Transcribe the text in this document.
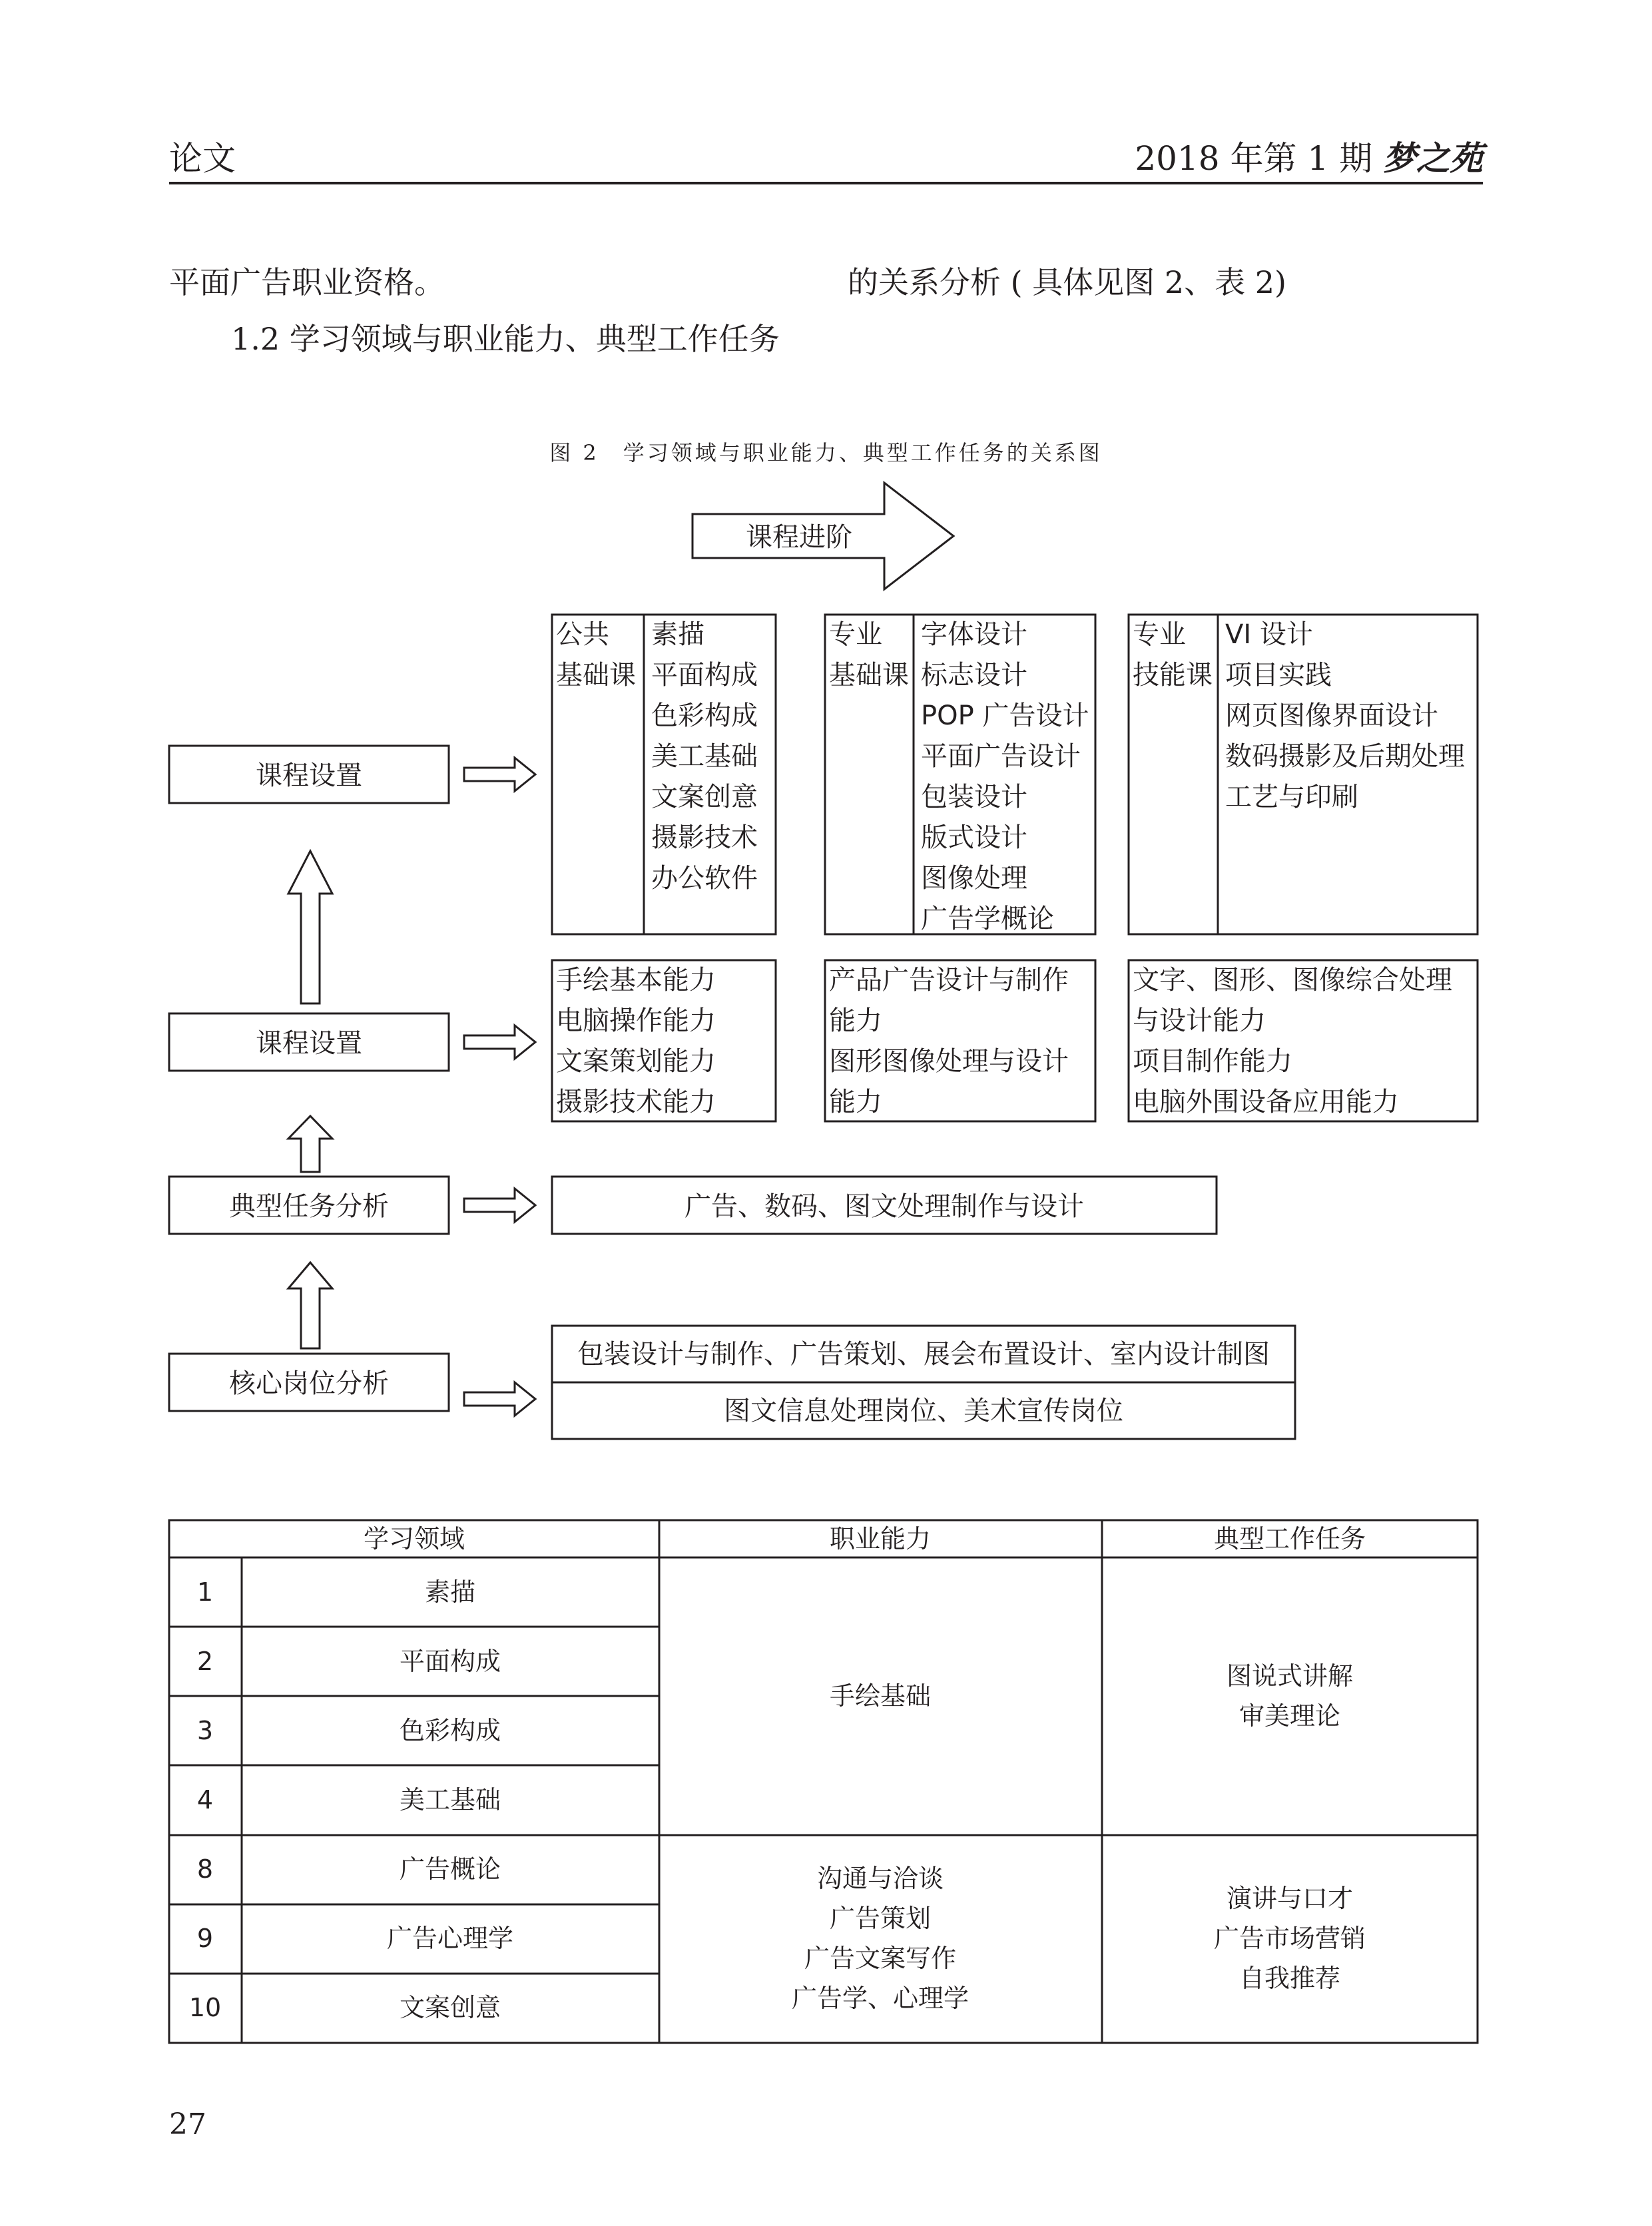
论文	2018 年第 1 期 梦之苑
平面广告职业资格。	的关系分析 ( 具体见图 2、表 2)
1.2 学习领域与职业能力、典型工作任务
图 2　学习领域与职业能力、典型工作任务的关系图
课程进阶
课程设置
课程设置
典型任务分析
核心岗位分析
公共
基础课
素描
平面构成
色彩构成
美工基础
文案创意
摄影技术
办公软件
专业
基础课
字体设计
标志设计
POP 广告设计
平面广告设计
包装设计
版式设计
图像处理
广告学概论
专业
技能课
VI 设计
项目实践
网页图像界面设计
数码摄影及后期处理
工艺与印刷
手绘基本能力
电脑操作能力
文案策划能力
摄影技术能力
产品广告设计与制作
能力
图形图像处理与设计
能力
文字、图形、图像综合处理
与设计能力
项目制作能力
电脑外围设备应用能力
广告、数码、图文处理制作与设计
包装设计与制作、广告策划、展会布置设计、室内设计制图
图文信息处理岗位、美术宣传岗位
学习领域	职业能力	典型工作任务
1	素描
2	平面构成
3	色彩构成
4	美工基础
手绘基础
图说式讲解
审美理论
8	广告概论
9	广告心理学
10	文案创意
沟通与洽谈
广告策划
广告文案写作
广告学、心理学
演讲与口才
广告市场营销
自我推荐
27
